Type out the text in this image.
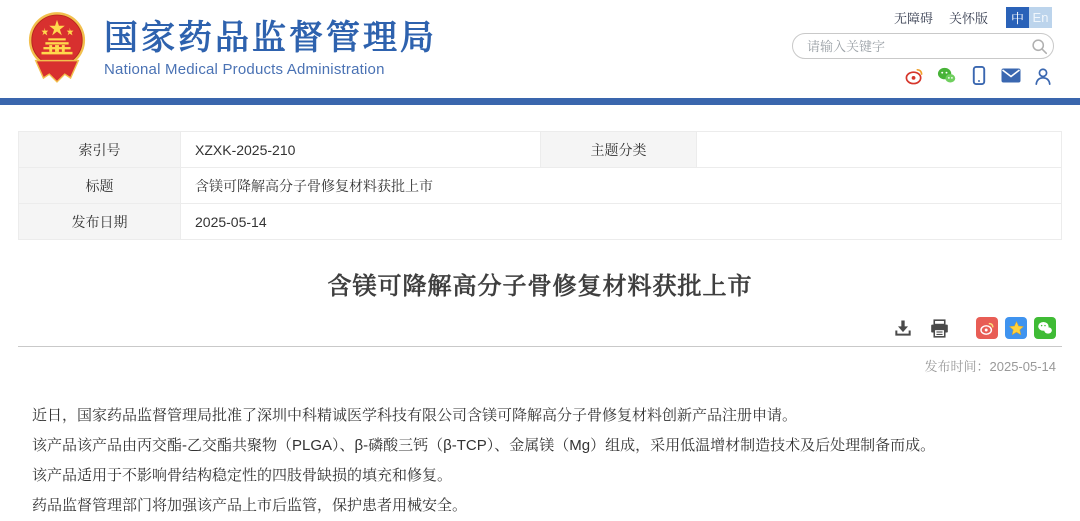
国家药品监督管理局
National Medical Products Administration
无障碍 关怀版	中 En
请输入关键字
索引号	XZXK-2025-210	主题分类	
标题	含镁可降解高分子骨修复材料获批上市		
发布日期	2025-05-14		
含镁可降解高分子骨修复材料获批上市
发布时间：2025-05-14

近日，国家药品监督管理局批准了深圳中科精诚医学科技有限公司含镁可降解高分子骨修复材料创新产品注册申请。

该产品该产品由丙交酯-乙交酯共聚物（PLGA）、β-磷酸三钙（β-TCP）、金属镁（Mg）组成，采用低温增材制造技术及后处理制备而成。

该产品适用于不影响骨结构稳定性的四肢骨缺损的填充和修复。

药品监督管理部门将加强该产品上市后监管，保护患者用械安全。
